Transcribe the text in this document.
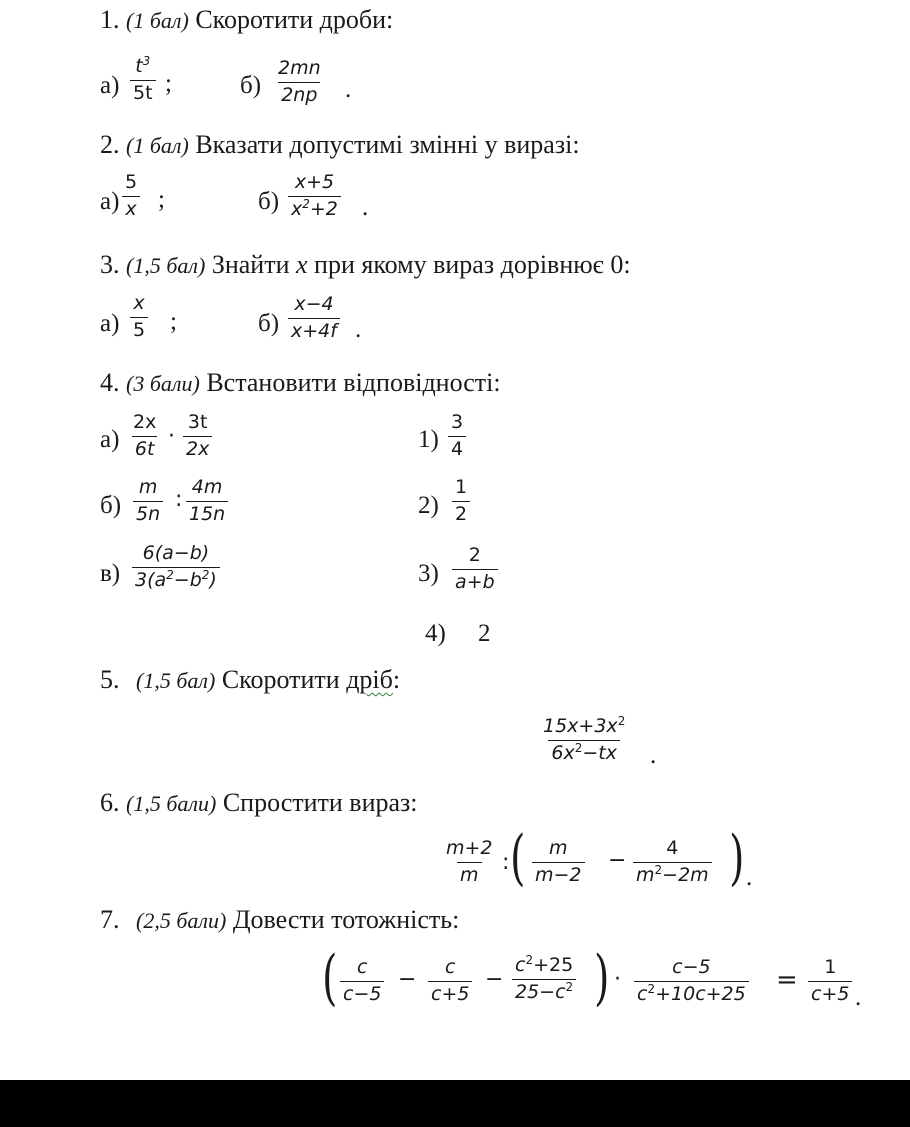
1. (1 бал) Скоротити дроби:
$а) \frac{t^3}{5t}$ ;	$б) \frac{2mn}{2np}$ .
2. (1 бал) Вказати допустимі змінні у виразі:
$а) \frac{5}{x}$ ;	$б) \frac{x+5}{x^2+2}$ .
3. (1,5 бал) Знайти x при якому вираз дорівнює 0:
$а) \frac{x}{5}$ ;	$б) \frac{x-4}{x+4f}$ .
4. (3 бали) Встановити відповідності:
$а) \frac{2x}{6t} \cdot \frac{3t}{2x}$	$1) \frac{3}{4}$
$б) \frac{m}{5n}$ : $\frac{4m}{15n}$	$2) \frac{1}{2}$
$в) \frac{6(a-b)}{3(a^2-b^2)}$	$3) \frac{2}{a+b}$
4) 2
5. (1,5 бал) Скоротити дріб:
$\frac{15x+3x^2}{6x^2-tx}$ .
6. (1,5 бали) Спростити вираз:
$\frac{m+2}{m}$ : ( $\frac{m}{m-2} - \frac{4}{m^2-2m}$ ) .
7. (2,5 бали) Довести тотожність:
( $\frac{c}{c-5} - \frac{c}{c+5} - \frac{c^2+25}{25-c^2}$ ) · $\frac{c-5}{c^2+10c+25} = \frac{1}{c+5}$ .
